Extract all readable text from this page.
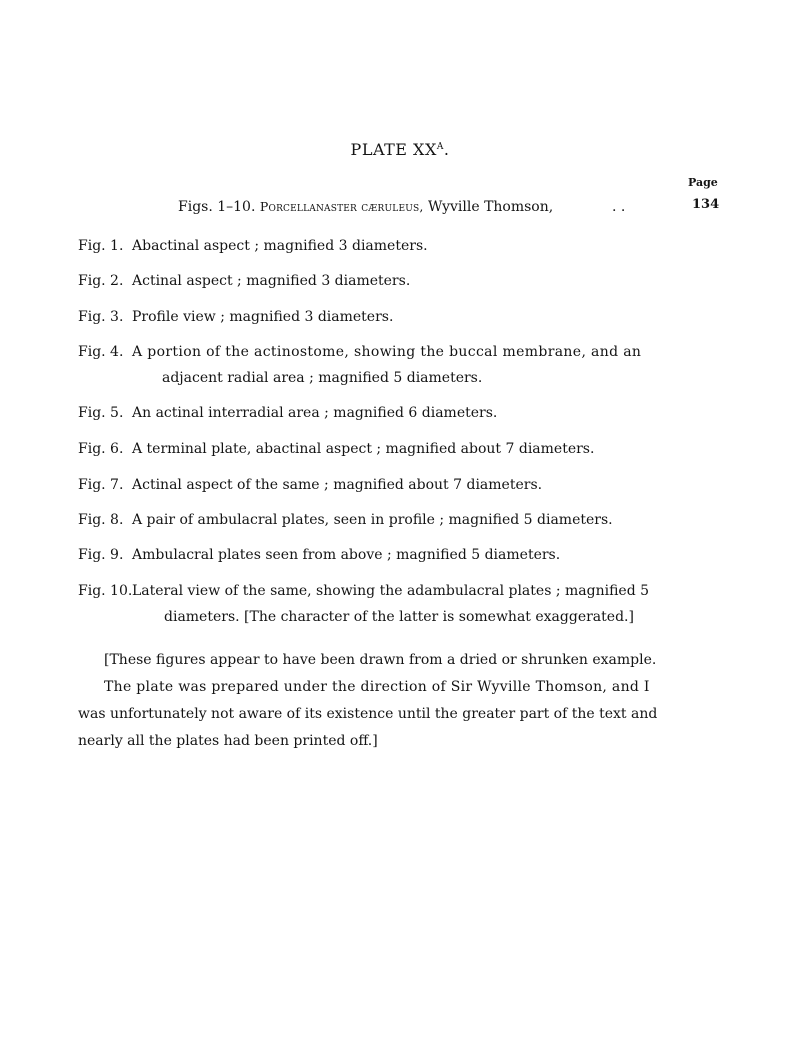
PLATE $XX^A$.
Page
Figs. 1–10. Porcellanaster cæruleus, Wyville Thomson,	. .	134
Fig. 1. Abactinal aspect ; magnified 3 diameters.
Fig. 2. Actinal aspect ; magnified 3 diameters.
Fig. 3. Profile view ; magnified 3 diameters.
Fig. 4. A portion of the actinostome, showing the buccal membrane, and an
adjacent radial area ; magnified 5 diameters.
Fig. 5. An actinal interradial area ; magnified 6 diameters.
Fig. 6. A terminal plate, abactinal aspect ; magnified about 7 diameters.
Fig. 7. Actinal aspect of the same ; magnified about 7 diameters.
Fig. 8. A pair of ambulacral plates, seen in profile ; magnified 5 diameters.
Fig. 9. Ambulacral plates seen from above ; magnified 5 diameters.
Fig. 10.Lateral view of the same, showing the adambulacral plates ; magnified 5
diameters. [The character of the latter is somewhat exaggerated.]
[These figures appear to have been drawn from a dried or shrunken example.
The plate was prepared under the direction of Sir Wyville Thomson, and I
was unfortunately not aware of its existence until the greater part of the text and
nearly all the plates had been printed off.]
